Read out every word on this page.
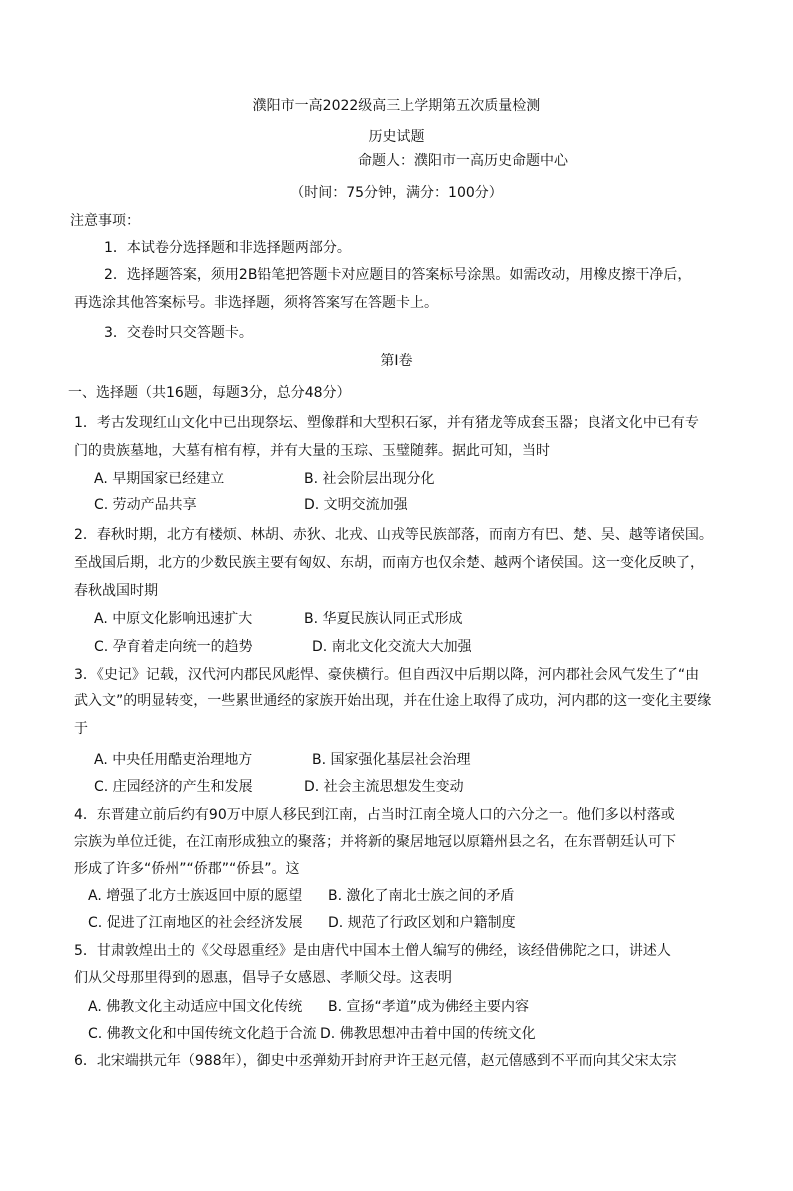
濮阳市一高2022级高三上学期第五次质量检测
历史试题
命题人：濮阳市一高历史命题中心
（时间：75分钟，满分：100分）
注意事项：
1．本试卷分选择题和非选择题两部分。
2．选择题答案，须用2B铅笔把答题卡对应题目的答案标号涂黑。如需改动，用橡皮擦干净后，
再选涂其他答案标号。非选择题，须将答案写在答题卡上。
3．交卷时只交答题卡。
第Ⅰ卷
一、选择题（共16题，每题3分，总分48分）
1．考古发现红山文化中已出现祭坛、塑像群和大型积石冢，并有猪龙等成套玉器；良渚文化中已有专
门的贵族墓地，大墓有棺有椁，并有大量的玉琮、玉璧随葬。据此可知，当时
A. 早期国家已经建立	B. 社会阶层出现分化
C. 劳动产品共享	D. 文明交流加强
2．春秋时期，北方有楼烦、林胡、赤狄、北戎、山戎等民族部落，而南方有巴、楚、吴、越等诸侯国。
至战国后期，北方的少数民族主要有匈奴、东胡，而南方也仅余楚、越两个诸侯国。这一变化反映了，
春秋战国时期
A. 中原文化影响迅速扩大	B. 华夏民族认同正式形成
C. 孕育着走向统一的趋势	D. 南北文化交流大大加强
3．《史记》记载，汉代河内郡民风彪悍、豪侠横行。但自西汉中后期以降，河内郡社会风气发生了“由
武入文”的明显转变，一些累世通经的家族开始出现，并在仕途上取得了成功，河内郡的这一变化主要缘
于
A. 中央任用酷吏治理地方	B. 国家强化基层社会治理
C. 庄园经济的产生和发展	D. 社会主流思想发生变动
4．东晋建立前后约有90万中原人移民到江南，占当时江南全境人口的六分之一。他们多以村落或
宗族为单位迁徙，在江南形成独立的聚落；并将新的聚居地冠以原籍州县之名，在东晋朝廷认可下
形成了许多“侨州”“侨郡”“侨县”。这
A. 增强了北方士族返回中原的愿望 B. 激化了南北士族之间的矛盾
C. 促进了江南地区的社会经济发展 D. 规范了行政区划和户籍制度
5．甘肃敦煌出土的《父母恩重经》是由唐代中国本土僧人编写的佛经，该经借佛陀之口，讲述人
们从父母那里得到的恩惠，倡导子女感恩、孝顺父母。这表明
A. 佛教文化主动适应中国文化传统 B. 宣扬“孝道”成为佛经主要内容
C. 佛教文化和中国传统文化趋于合流 D. 佛教思想冲击着中国的传统文化
6．北宋端拱元年（988年），御史中丞弹劾开封府尹许王赵元僖，赵元僖感到不平而向其父宋太宗
